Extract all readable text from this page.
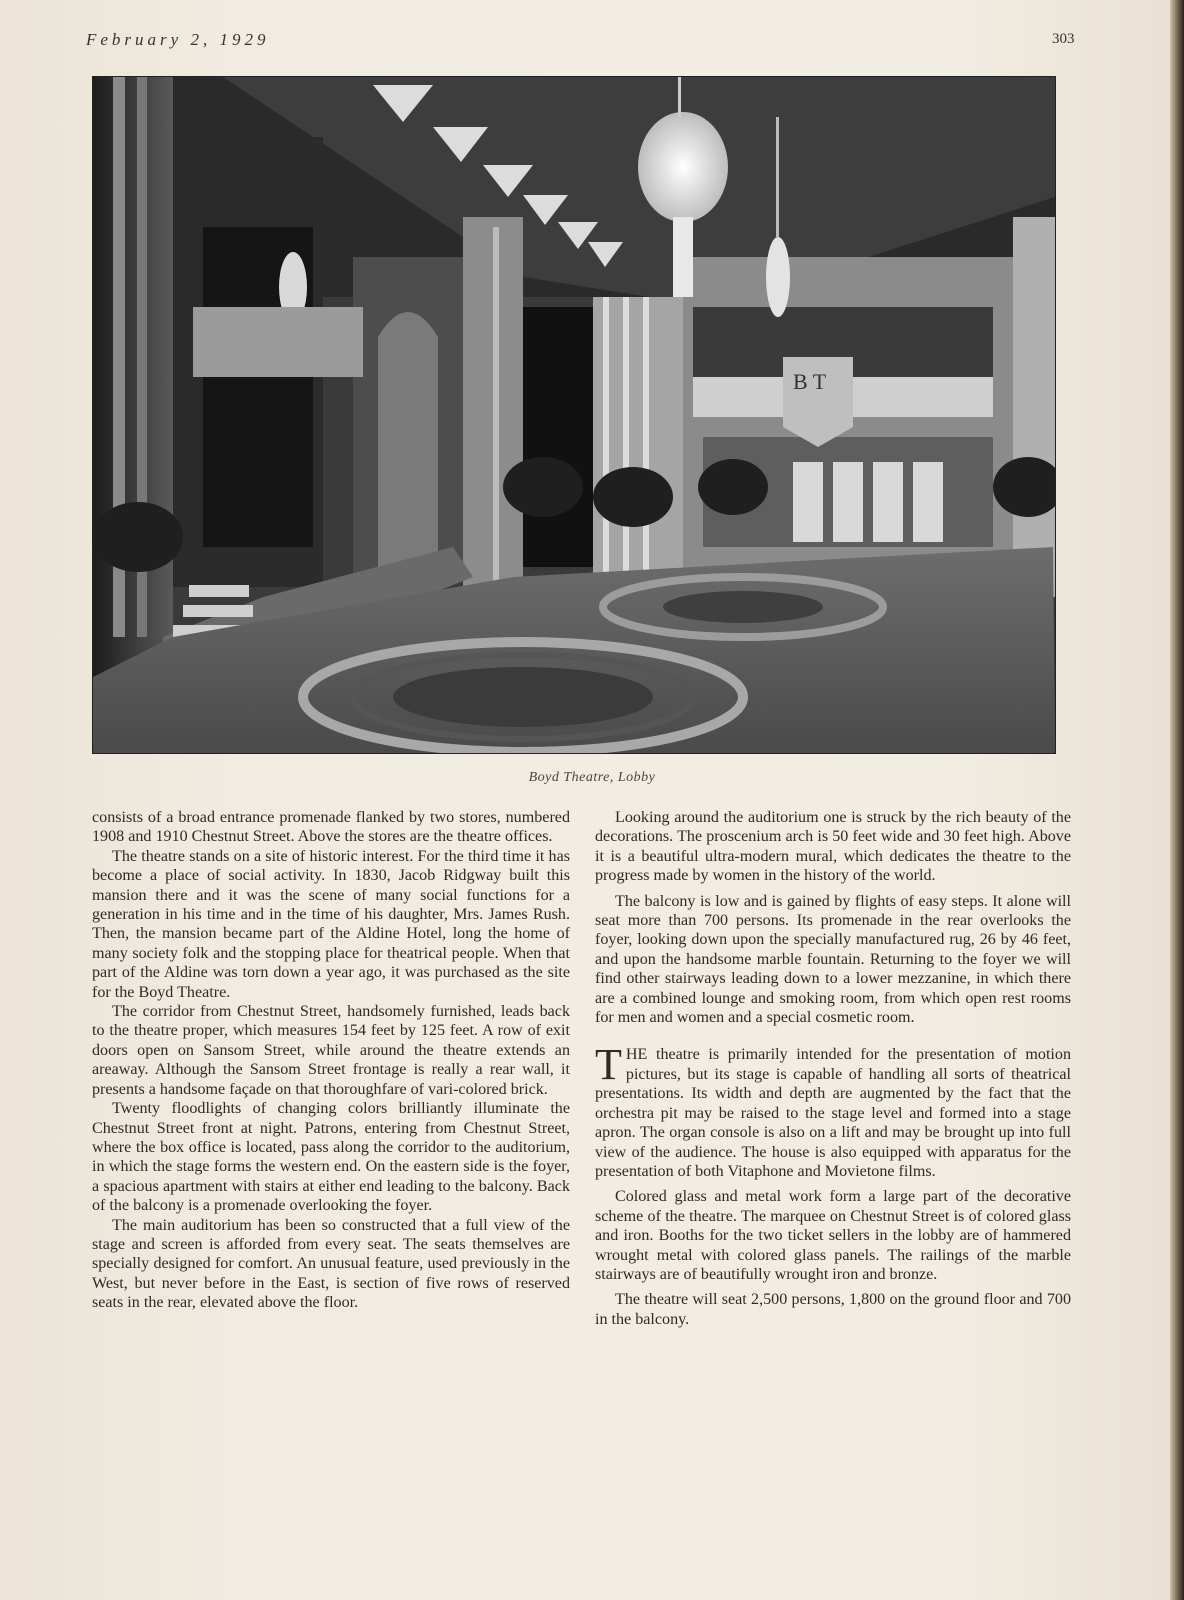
February 2, 1929	303
B T
Boyd Theatre, Lobby

consists of a broad entrance promenade flanked by two stores, numbered 1908 and 1910 Chestnut Street. Above the stores are the theatre offices.

The theatre stands on a site of historic interest. For the third time it has become a place of social activity. In 1830, Jacob Ridgway built this mansion there and it was the scene of many social functions for a generation in his time and in the time of his daughter, Mrs. James Rush. Then, the mansion became part of the Aldine Hotel, long the home of many society folk and the stopping place for theatrical people. When that part of the Aldine was torn down a year ago, it was purchased as the site for the Boyd Theatre.

The corridor from Chestnut Street, handsomely furnished, leads back to the theatre proper, which measures 154 feet by 125 feet. A row of exit doors open on Sansom Street, while around the theatre extends an areaway. Although the Sansom Street frontage is really a rear wall, it presents a handsome façade on that thoroughfare of vari-colored brick.

Twenty floodlights of changing colors brilliantly illuminate the Chestnut Street front at night. Patrons, entering from Chestnut Street, where the box office is located, pass along the corridor to the auditorium, in which the stage forms the western end. On the eastern side is the foyer, a spacious apartment with stairs at either end leading to the balcony. Back of the balcony is a promenade overlooking the foyer.

The main auditorium has been so constructed that a full view of the stage and screen is afforded from every seat. The seats themselves are specially designed for comfort. An unusual feature, used previously in the West, but never before in the East, is section of five rows of reserved seats in the rear, elevated above the floor.

Looking around the auditorium one is struck by the rich beauty of the decorations. The proscenium arch is 50 feet wide and 30 feet high. Above it is a beautiful ultra-modern mural, which dedicates the theatre to the progress made by women in the history of the world.

The balcony is low and is gained by flights of easy steps. It alone will seat more than 700 persons. Its promenade in the rear overlooks the foyer, looking down upon the specially manufactured rug, 26 by 46 feet, and upon the handsome marble fountain. Returning to the foyer we will find other stairways leading down to a lower mezzanine, in which there are a combined lounge and smoking room, from which open rest rooms for men and women and a special cosmetic room.

THE theatre is primarily intended for the presentation of motion pictures, but its stage is capable of handling all sorts of theatrical presentations. Its width and depth are augmented by the fact that the orchestra pit may be raised to the stage level and formed into a stage apron. The organ console is also on a lift and may be brought up into full view of the audience. The house is also equipped with apparatus for the presentation of both Vitaphone and Movietone films.

Colored glass and metal work form a large part of the decorative scheme of the theatre. The marquee on Chestnut Street is of colored glass and iron. Booths for the two ticket sellers in the lobby are of hammered wrought metal with colored glass panels. The railings of the marble stairways are of beautifully wrought iron and bronze.

The theatre will seat 2,500 persons, 1,800 on the ground floor and 700 in the balcony.
